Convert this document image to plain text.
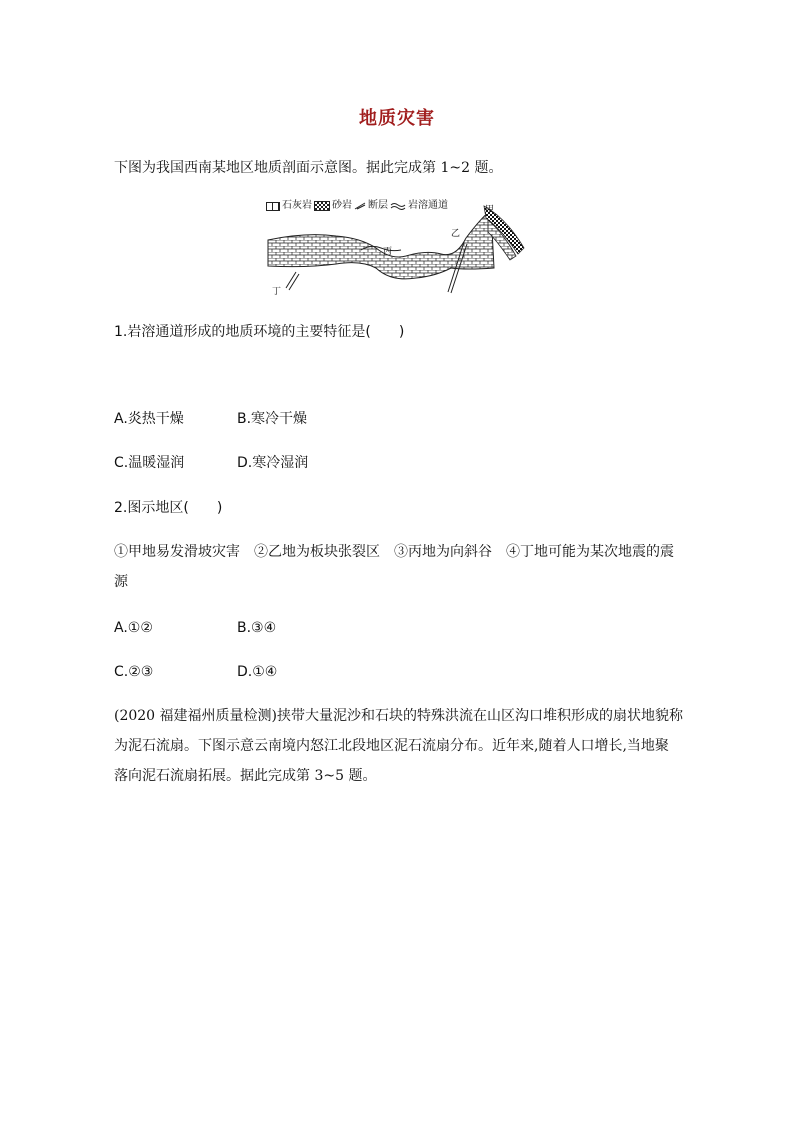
地质灾害
下图为我国西南某地区地质剖面示意图。据此完成第 1~2 题。
石灰岩 砂岩 断层 岩溶通道	甲
乙
丙
丁
1.岩溶通道形成的地质环境的主要特征是(　　)
A.炎热干燥	B.寒冷干燥
C.温暖湿润	D.寒冷湿润
2.图示地区(　　)
①甲地易发滑坡灾害　②乙地为板块张裂区　③丙地为向斜谷　④丁地可能为某次地震的震
源
A.①②	B.③④
C.②③	D.①④
(2020 福建福州质量检测)挟带大量泥沙和石块的特殊洪流在山区沟口堆积形成的扇状地貌称
为泥石流扇。下图示意云南境内怒江北段地区泥石流扇分布。近年来,随着人口增长,当地聚
落向泥石流扇拓展。据此完成第 3~5 题。
